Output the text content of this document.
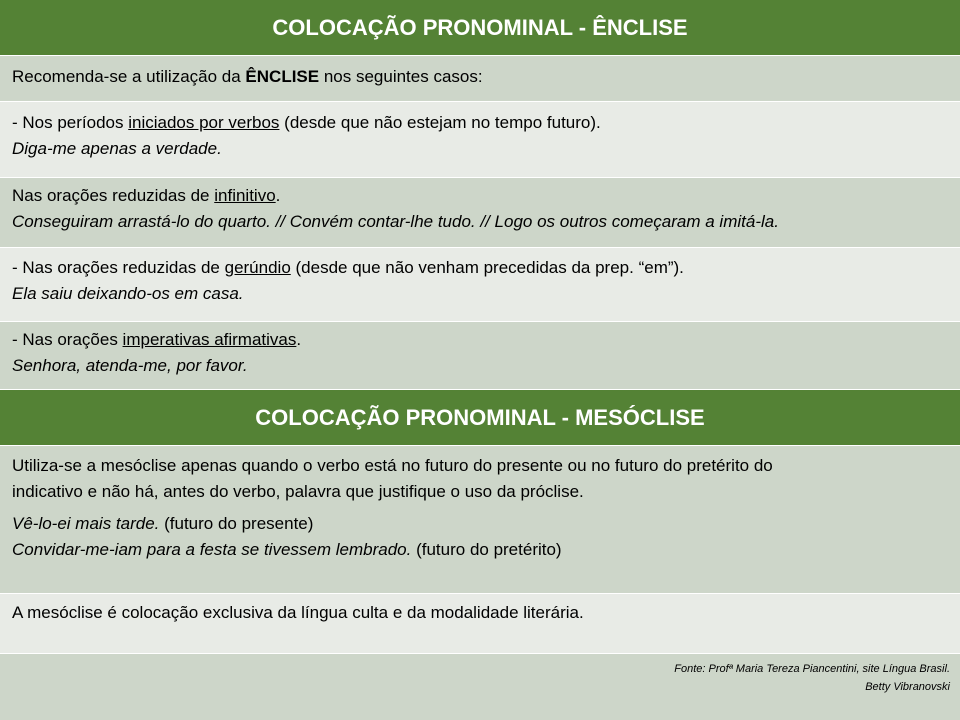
COLOCAÇÃO PRONOMINAL - ÊNCLISE

Recomenda-se a utilização da ÊNCLISE nos seguintes casos:

- Nos períodos iniciados por verbos (desde que não estejam no tempo futuro).

Diga-me apenas a verdade.

Nas orações reduzidas de infinitivo.

Conseguiram arrastá-lo do quarto. // Convém contar-lhe tudo. // Logo os outros começaram a imitá-la.

- Nas orações reduzidas de gerúndio (desde que não venham precedidas da prep. “em”).

Ela saiu deixando-os em casa.

- Nas orações imperativas afirmativas.

Senhora, atenda-me, por favor.

COLOCAÇÃO PRONOMINAL - MESÓCLISE

Utiliza-se a mesóclise apenas quando o verbo está no futuro do presente ou no futuro do pretérito do

indicativo e não há, antes do verbo, palavra que justifique o uso da próclise.

Vê-lo-ei mais tarde. (futuro do presente)

Convidar-me-iam para a festa se tivessem lembrado. (futuro do pretérito)

A mesóclise é colocação exclusiva da língua culta e da modalidade literária.

Fonte: Profª Maria Tereza Piancentini, site Língua Brasil.
Betty Vibranovski
